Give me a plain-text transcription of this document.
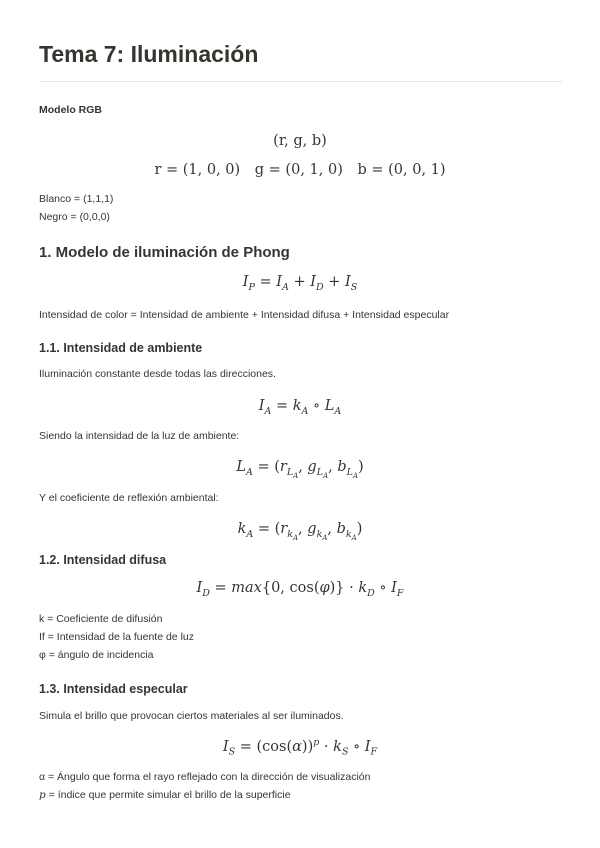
Tema 7: Iluminación
Modelo RGB
(r, g, b)
r = (1, 0, 0) g = (0, 1, 0) b = (0, 0, 1)
Blanco = (1,1,1)
Negro = (0,0,0)
1. Modelo de iluminación de Phong
$I_P = I_A + I_D + I_S$
Intensidad de color = Intensidad de ambiente + Intensidad difusa + Intensidad especular
1.1. Intensidad de ambiente
Iluminación constante desde todas las direcciones.
$I_A = k_A$ ∘ $L_A$
Siendo la intensidad de la luz de ambiente:
$L_A = (r_{L_A}$, $g_{L_A}$, $b_{L_A}$)
Y el coeficiente de reflexión ambiental:
$k_A = (r_{k_A}$, $g_{k_A}$, $b_{k_A}$)
1.2. Intensidad difusa
$I_D = \max\{0$, $\cos(\varphi)\} \cdot k_D$ ∘ $I_F$
k = Coeficiente de difusión
If = Intensidad de la fuente de luz
φ = ángulo de incidencia
1.3. Intensidad especular
Simula el brillo que provocan ciertos materiales al ser iluminados.
$I_S = (\cos(\alpha))^p \cdot k_S$ ∘ $I_F$
α = Ángulo que forma el rayo reflejado con la dirección de visualización
p = índice que permite simular el brillo de la superficie
